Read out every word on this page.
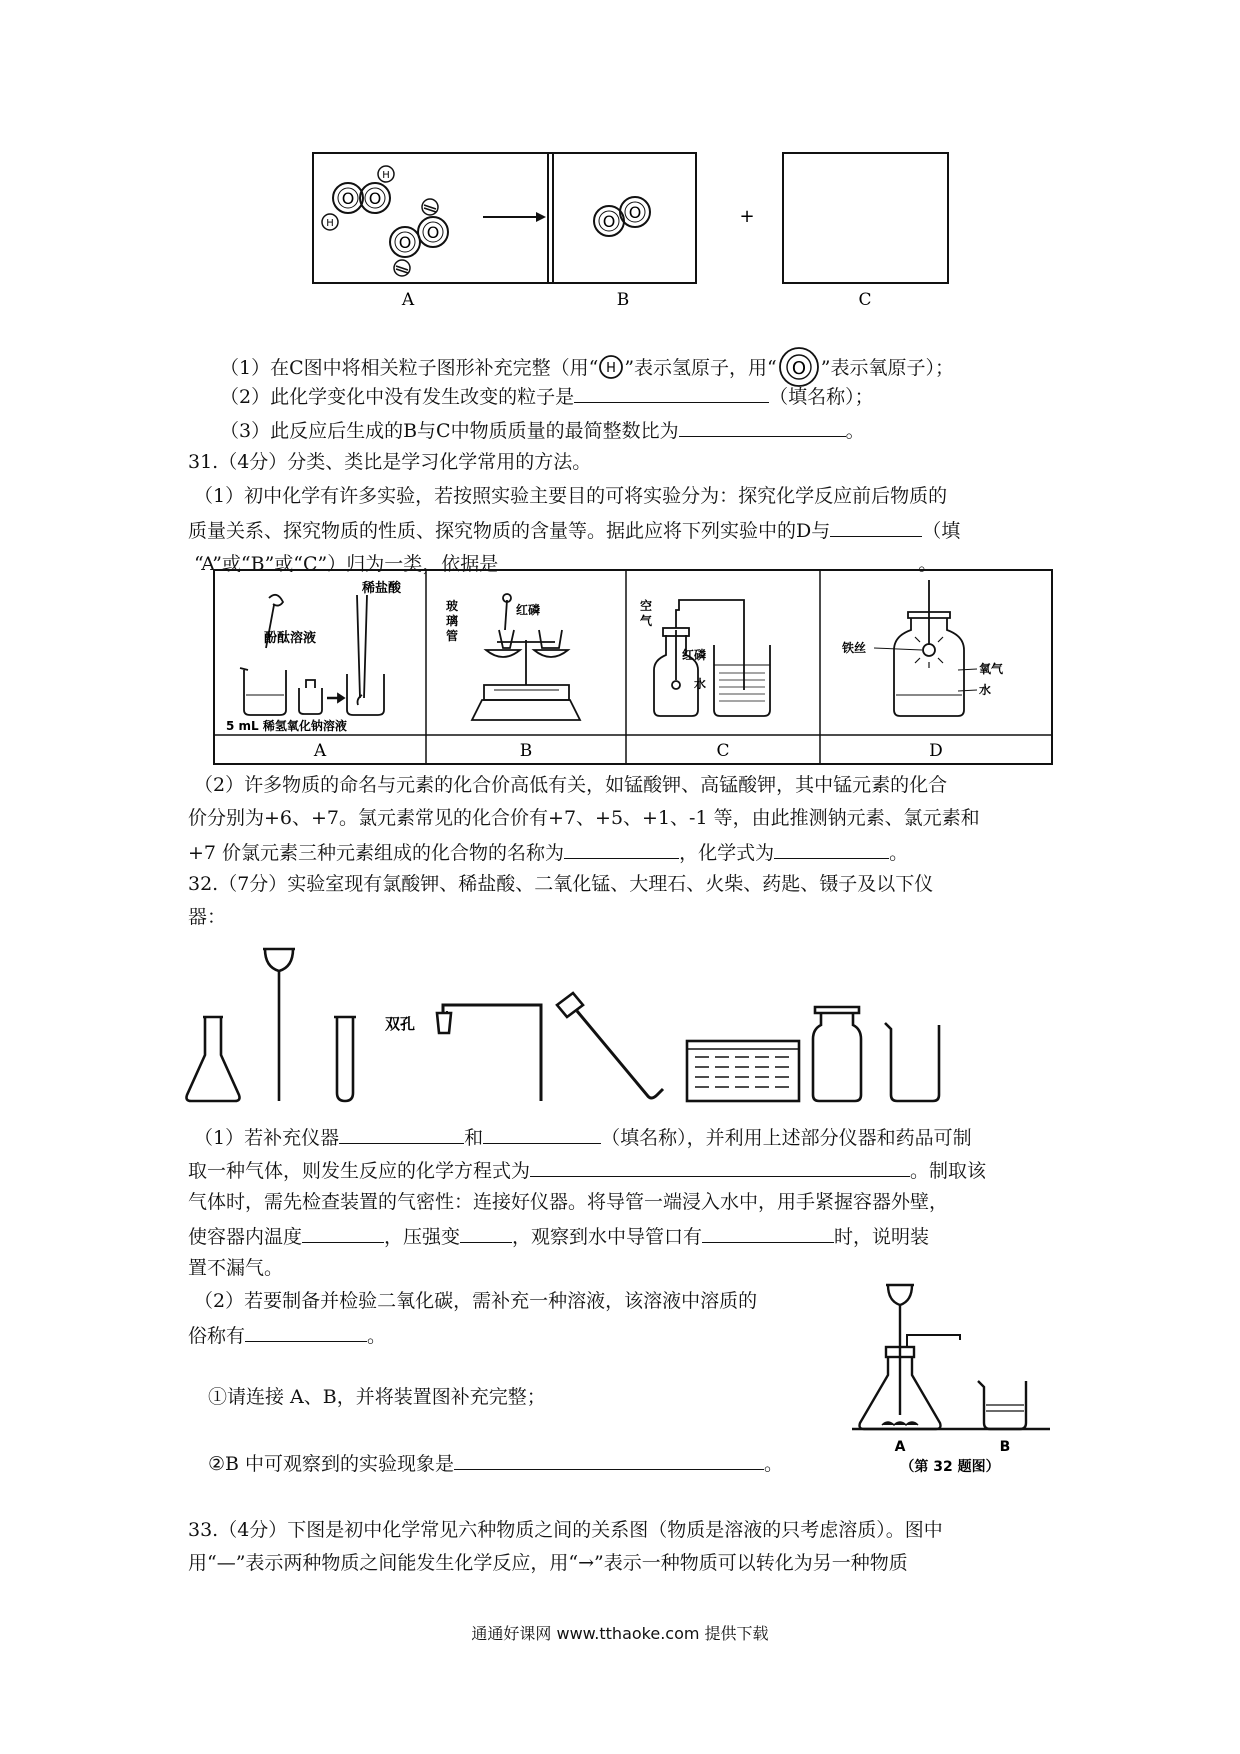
O O
H
H
O
O
O O	+
A	B	C
（1）在C图中将相关粒子图形补充完整（用“ H ”表示氢原子，用“ O ”表示氧原子）；
（2）此化学变化中没有发生改变的粒子是	（填名称）；
（3）此反应后生成的B与C中物质质量的最简整数比为	。
31.（4分）分类、类比是学习化学常用的方法。
（1）初中化学有许多实验，若按照实验主要目的可将实验分为：探究化学反应前后物质的
质量关系、探究物质的性质、探究物质的含量等。据此应将下列实验中的D与	（填
“A”或“B”或“C”）归为一类，依据是	。
A	B	C	D
稀盐酸
酚酞溶液
5 mL 稀氢氧化钠溶液
玻
璃
管
红磷	空
气
红磷
水
铁丝
氧气
水
（2）许多物质的命名与元素的化合价高低有关，如锰酸钾、高锰酸钾，其中锰元素的化合
价分别为+6、+7。氯元素常见的化合价有+7、+5、+1、-1 等，由此推测钠元素、氯元素和
+7 价氯元素三种元素组成的化合物的名称为	，化学式为	。
32.（7分）实验室现有氯酸钾、稀盐酸、二氧化锰、大理石、火柴、药匙、镊子及以下仪
器：
双孔
（1）若补充仪器	和	（填名称），并利用上述部分仪器和药品可制
取一种气体，则发生反应的化学方程式为	。制取该
气体时，需先检查装置的气密性：连接好仪器。将导管一端浸入水中，用手紧握容器外壁，
使容器内温度	，压强变	，观察到水中导管口有	时，说明装
置不漏气。
（2）若要制备并检验二氧化碳，需补充一种溶液，该溶液中溶质的
俗称有	。
①请连接 A、B，并将装置图补充完整；
②B 中可观察到的实验现象是	。
A	B
（第 32 题图）
33.（4分）下图是初中化学常见六种物质之间的关系图（物质是溶液的只考虑溶质）。图中
用“—”表示两种物质之间能发生化学反应，用“→”表示一种物质可以转化为另一种物质
通通好课网 www.tthaoke.com 提供下载
